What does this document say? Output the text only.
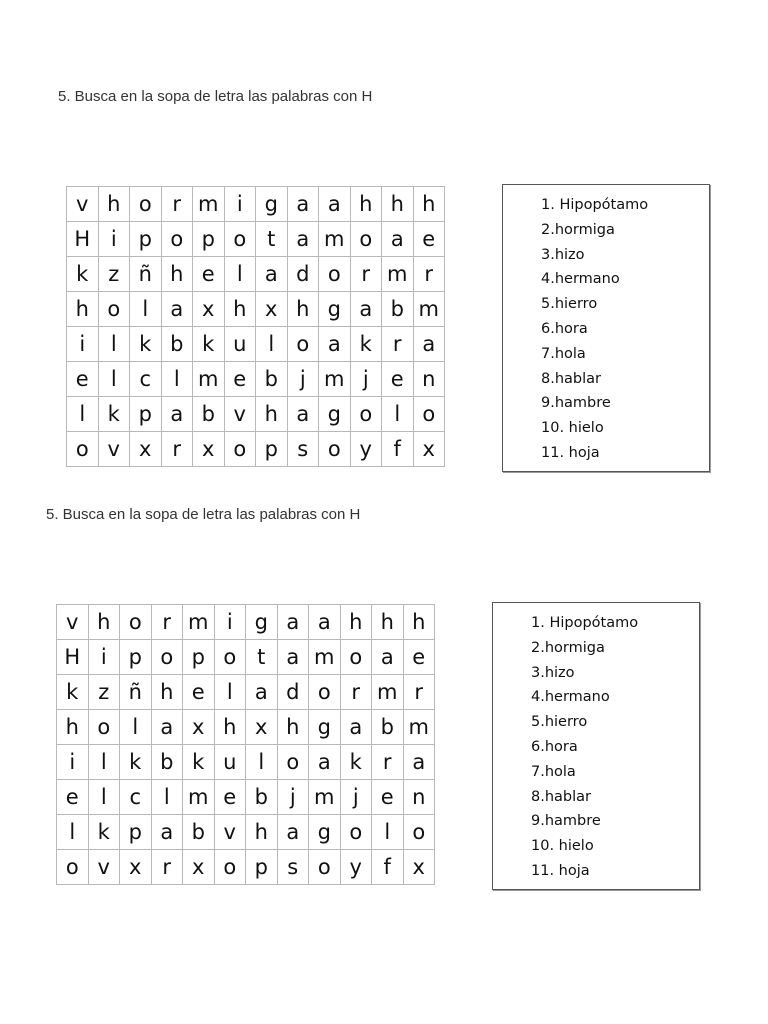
5. Busca en la sopa de letra las palabras con H
v	h	o	r	m	i	g	a	a	h	h	h
H	i	p	o	p	o	t	a	m	o	a	e
k	z	ñ	h	e	l	a	d	o	r	m	r
h	o	l	a	x	h	x	h	g	a	b	m
i	l	k	b	k	u	l	o	a	k	r	a
e	l	c	l	m	e	b	j	m	j	e	n
l	k	p	a	b	v	h	a	g	o	l	o
o	v	x	r	x	o	p	s	o	y	f	x
1. Hipopótamo
2.hormiga
3.hizo
4.hermano
5.hierro
6.hora
7.hola
8.hablar
9.hambre
10. hielo
11. hoja
5. Busca en la sopa de letra las palabras con H
v	h	o	r	m	i	g	a	a	h	h	h
H	i	p	o	p	o	t	a	m	o	a	e
k	z	ñ	h	e	l	a	d	o	r	m	r
h	o	l	a	x	h	x	h	g	a	b	m
i	l	k	b	k	u	l	o	a	k	r	a
e	l	c	l	m	e	b	j	m	j	e	n
l	k	p	a	b	v	h	a	g	o	l	o
o	v	x	r	x	o	p	s	o	y	f	x
1. Hipopótamo
2.hormiga
3.hizo
4.hermano
5.hierro
6.hora
7.hola
8.hablar
9.hambre
10. hielo
11. hoja
